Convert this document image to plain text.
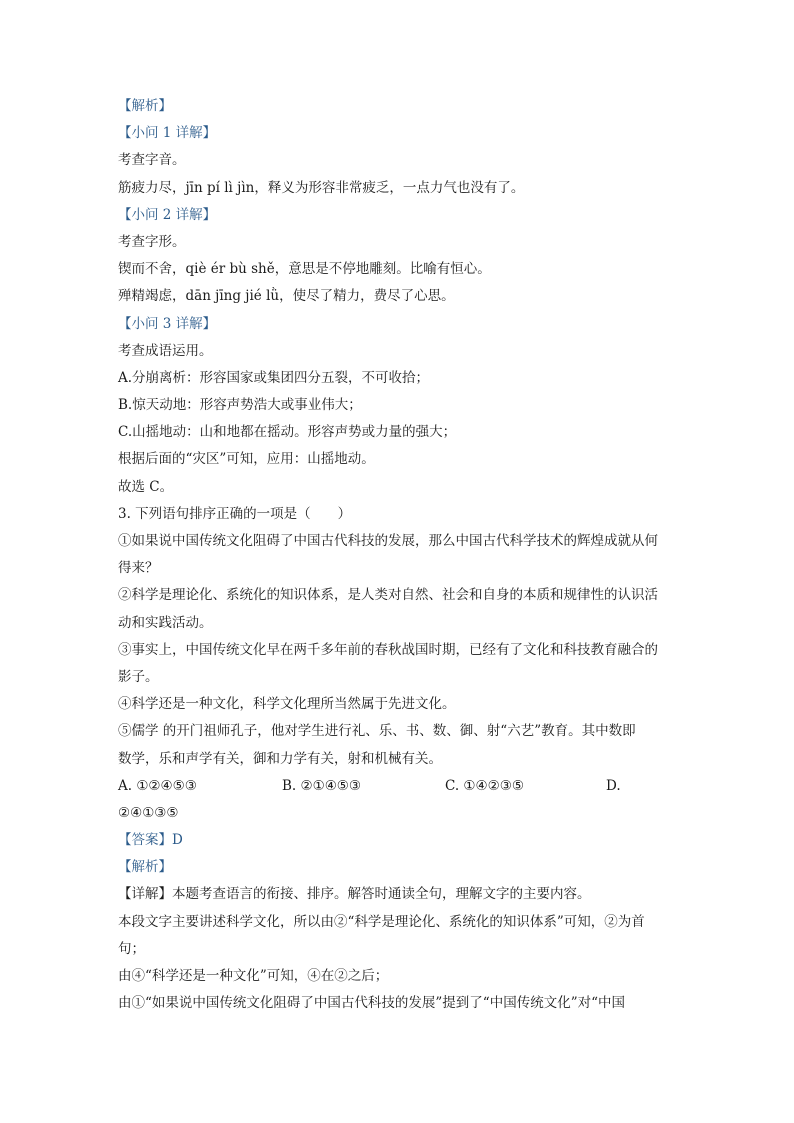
【解析】
【小问 1 详解】
考查字音。
筋疲力尽，jīn pí lì jìn，释义为形容非常疲乏，一点力气也没有了。
【小问 2 详解】
考查字形。
锲而不舍，qiè ér bù shě，意思是不停地雕刻。比喻有恒心。
殚精竭虑，dān jīng jié lǜ，使尽了精力，费尽了心思。
【小问 3 详解】
考查成语运用。
A.分崩离析：形容国家或集团四分五裂，不可收拾；
B.惊天动地：形容声势浩大或事业伟大；
C.山摇地动：山和地都在摇动。形容声势或力量的强大；
根据后面的“灾区”可知，应用：山摇地动。
故选 C。
3. 下列语句排序正确的一项是（　　）
①如果说中国传统文化阻碍了中国古代科技的发展，那么中国古代科学技术的辉煌成就从何
得来？
②科学是理论化、系统化的知识体系，是人类对自然、社会和自身的本质和规律性的认识活
动和实践活动。
③事实上，中国传统文化早在两千多年前的春秋战国时期，已经有了文化和科技教育融合的
影子。
④科学还是一种文化，科学文化理所当然属于先进文化。
⑤儒学 的开门祖师孔子，他对学生进行礼、乐、书、数、御、射“六艺”教育。其中数即
数学，乐和声学有关，御和力学有关，射和机械有关。
A. ①②④⑤③	B. ②①④⑤③	C. ①④②③⑤	D.
②④①③⑤
【答案】D
【解析】
【详解】本题考查语言的衔接、排序。解答时通读全句，理解文字的主要内容。
本段文字主要讲述科学文化，所以由②“科学是理论化、系统化的知识体系”可知，②为首
句；
由④“科学还是一种文化”可知，④在②之后；
由①“如果说中国传统文化阻碍了中国古代科技的发展”提到了“中国传统文化”对“中国
